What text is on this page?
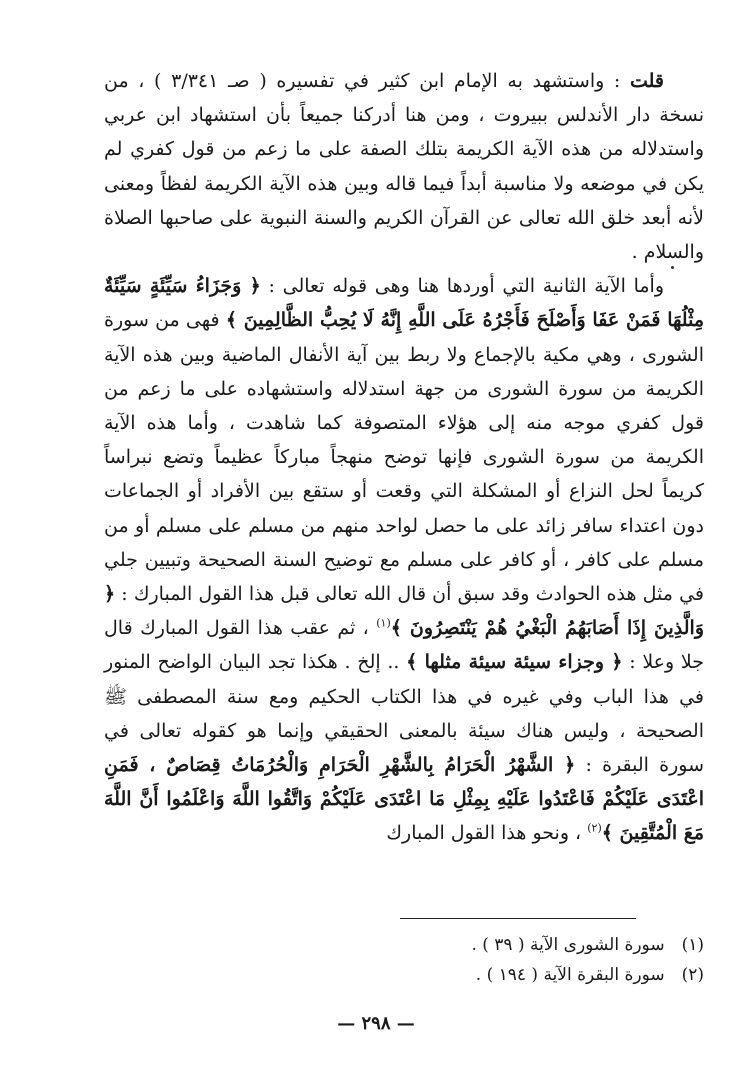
قلت : واستشهد به الإمام ابن كثير في تفسيره ( صـ ٣/٣٤١ ) ، من نسخة دار الأندلس ببيروت ، ومن هنا أدركنا جميعاً بأن استشهاد ابن عربي واستدلاله من هذه الآية الكريمة بتلك الصفة على ما زعم من قول كفري لم يكن في موضعه ولا مناسبة أبداً فيما قاله وبين هذه الآية الكريمة لفظاً ومعنى لأنه أبعد خلق الله تعالى عن القرآن الكريم والسنة النبوية على صاحبها الصلاة والسلام .

وأما الآية الثانية التي أوردها هنا وهى قوله تعالى : ﴿ وَجَزَاءُ سَيِّئَةٍ سَيِّئَةٌ مِثْلُهَا فَمَنْ عَفَا وَأَصْلَحَ فَأَجْرُهُ عَلَى اللَّهِ إِنَّهُ لَا يُحِبُّ الظَّالِمِينَ ﴾ فهى من سورة الشورى ، وهي مكية بالإجماع ولا ربط بين آية الأنفال الماضية وبين هذه الآية الكريمة من سورة الشورى من جهة استدلاله واستشهاده على ما زعم من قول كفري موجه منه إلى هؤلاء المتصوفة كما شاهدت ، وأما هذه الآية الكريمة من سورة الشورى فإنها توضح منهجاً مباركاً عظيماً وتضع نبراساً كريماً لحل النزاع أو المشكلة التي وقعت أو ستقع بين الأفراد أو الجماعات دون اعتداء سافر زائد على ما حصل لواحد منهم من مسلم على مسلم أو من مسلم على كافر ، أو كافر على مسلم مع توضيح السنة الصحيحة وتبيين جلي في مثل هذه الحوادث وقد سبق أن قال الله تعالى قبل هذا القول المبارك : ﴿ وَالَّذِينَ إِذَا أَصَابَهُمُ الْبَغْيُ هُمْ يَنْتَصِرُونَ ﴾$^{(١)}$ ، ثم عقب هذا القول المبارك قال جلا وعلا : ﴿ وجزاء سيئة سيئة مثلها ﴾ .. إلخ . هكذا تجد البيان الواضح المنور في هذا الباب وفي غيره في هذا الكتاب الحكيم ومع سنة المصطفى ﷺ الصحيحة ، وليس هناك سيئة بالمعنى الحقيقي وإنما هو كقوله تعالى في سورة البقرة : ﴿ الشَّهْرُ الْحَرَامُ بِالشَّهْرِ الْحَرَامِ وَالْحُرُمَاتُ قِصَاصٌ ، فَمَنِ اعْتَدَى عَلَيْكُمْ فَاعْتَدُوا عَلَيْهِ بِمِثْلِ مَا اعْتَدَى عَلَيْكُمْ وَاتَّقُوا اللَّهَ وَاعْلَمُوا أَنَّ اللَّهَ مَعَ الْمُتَّقِينَ ﴾$^{(٢)}$ ، ونحو هذا القول المبارك

(١) سورة الشورى الآية ( ٣٩ ) .
(٢) سورة البقرة الآية ( ١٩٤ ) .
— ٢٩٨ —
